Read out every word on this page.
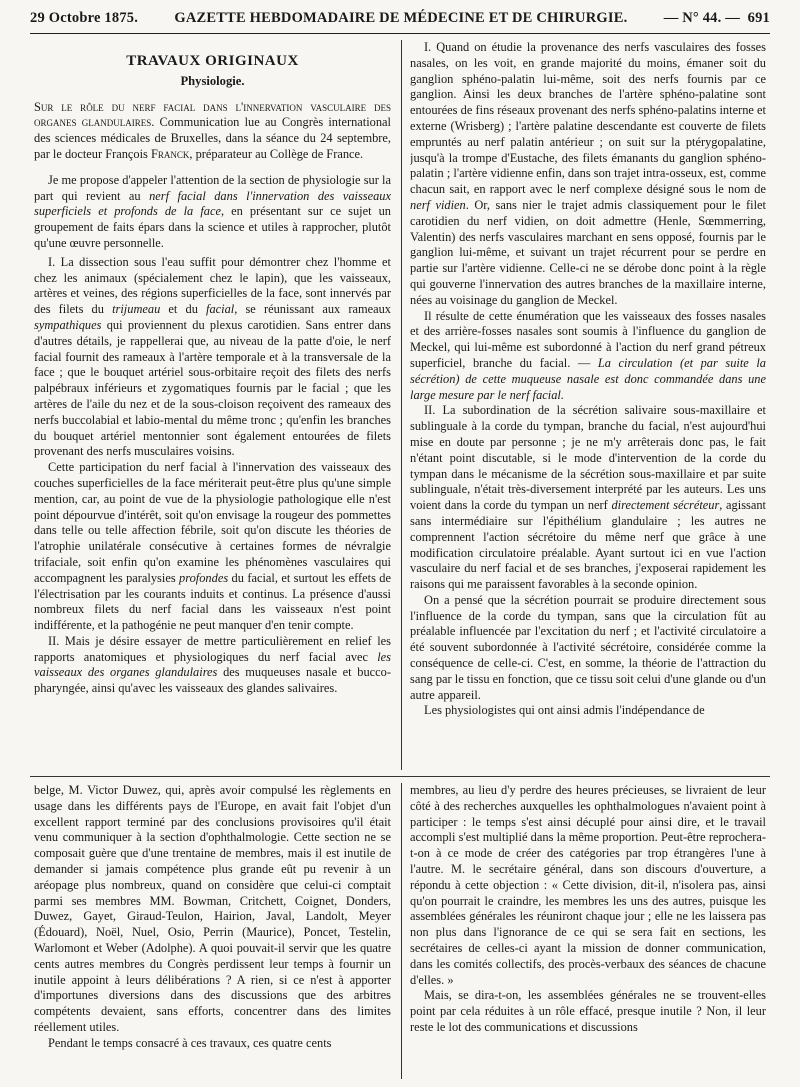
29 Octobre 1875.	GAZETTE HEBDOMADAIRE DE MÉDECINE ET DE CHIRURGIE.	— N° 44. — 691
TRAVAUX ORIGINAUX
Physiologie.

Sur le rôle du nerf facial dans l'innervation vasculaire des organes glandulaires. Communication lue au Congrès international des sciences médicales de Bruxelles, dans la séance du 24 septembre, par le docteur François Franck, préparateur au Collège de France.

Je me propose d'appeler l'attention de la section de physiologie sur la part qui revient au nerf facial dans l'innervation des vaisseaux superficiels et profonds de la face, en présentant sur ce sujet un groupement de faits épars dans la science et utiles à rapprocher, plutôt qu'une œuvre personnelle.

I. La dissection sous l'eau suffit pour démontrer chez l'homme et chez les animaux (spécialement chez le lapin), que les vaisseaux, artères et veines, des régions superficielles de la face, sont innervés par des filets du trijumeau et du facial, se réunissant aux rameaux sympathiques qui proviennent du plexus carotidien. Sans entrer dans d'autres détails, je rappellerai que, au niveau de la patte d'oie, le nerf facial fournit des rameaux à l'artère temporale et à la transversale de la face ; que le bouquet artériel sous-orbitaire reçoit des filets des nerfs palpébraux inférieurs et zygomatiques fournis par le facial ; que les artères de l'aile du nez et de la sous-cloison reçoivent des rameaux des nerfs buccolabial et labio-mental du même tronc ; qu'enfin les branches du bouquet artériel mentonnier sont également entourées de filets provenant des nerfs musculaires voisins.

Cette participation du nerf facial à l'innervation des vaisseaux des couches superficielles de la face mériterait peut-être plus qu'une simple mention, car, au point de vue de la physiologie pathologique elle n'est point dépourvue d'intérêt, soit qu'on envisage la rougeur des pommettes dans telle ou telle affection fébrile, soit qu'on discute les théories de l'atrophie unilatérale consécutive à certaines formes de névralgie trifaciale, soit enfin qu'on examine les phénomènes vasculaires qui accompagnent les paralysies profondes du facial, et surtout les effets de l'électrisation par les courants induits et continus. La présence d'aussi nombreux filets du nerf facial dans les vaisseaux n'est point indifférente, et la pathogénie ne peut manquer d'en tenir compte.

II. Mais je désire essayer de mettre particulièrement en relief les rapports anatomiques et physiologiques du nerf facial avec les vaisseaux des organes glandulaires des muqueuses nasale et bucco-pharyngée, ainsi qu'avec les vaisseaux des glandes salivaires.

I. Quand on étudie la provenance des nerfs vasculaires des fosses nasales, on les voit, en grande majorité du moins, émaner soit du ganglion sphéno-palatin lui-même, soit des nerfs fournis par ce ganglion. Ainsi les deux branches de l'artère sphéno-palatine sont entourées de fins réseaux provenant des nerfs sphéno-palatins interne et externe (Wrisberg) ; l'artère palatine descendante est couverte de filets empruntés au nerf palatin antérieur ; on suit sur la ptérygopalatine, jusqu'à la trompe d'Eustache, des filets émanants du ganglion sphéno-palatin ; l'artère vidienne enfin, dans son trajet intra-osseux, est, comme chacun sait, en rapport avec le nerf complexe désigné sous le nom de nerf vidien. Or, sans nier le trajet admis classiquement pour le filet carotidien du nerf vidien, on doit admettre (Henle, Sœmmerring, Valentin) des nerfs vasculaires marchant en sens opposé, fournis par le ganglion lui-même, et suivant un trajet récurrent pour se perdre en partie sur l'artère vidienne. Celle-ci ne se dérobe donc point à la règle qui gouverne l'innervation des autres branches de la maxillaire interne, nées au voisinage du ganglion de Meckel.

Il résulte de cette énumération que les vaisseaux des fosses nasales et des arrière-fosses nasales sont soumis à l'influence du ganglion de Meckel, qui lui-même est subordonné à l'action du nerf grand pétreux superficiel, branche du facial. — La circulation (et par suite la sécrétion) de cette muqueuse nasale est donc commandée dans une large mesure par le nerf facial.

II. La subordination de la sécrétion salivaire sous-maxillaire et sublinguale à la corde du tympan, branche du facial, n'est aujourd'hui mise en doute par personne ; je ne m'y arrêterais donc pas, le fait n'étant point discutable, si le mode d'intervention de la corde du tympan dans le mécanisme de la sécrétion sous-maxillaire et par suite sublinguale, n'était très-diversement interprété par les auteurs. Les uns voient dans la corde du tympan un nerf directement sécréteur, agissant sans intermédiaire sur l'épithélium glandulaire ; les autres ne comprennent l'action sécrétoire du même nerf que grâce à une modification circulatoire préalable. Ayant surtout ici en vue l'action vasculaire du nerf facial et de ses branches, j'exposerai rapidement les raisons qui me paraissent favorables à la seconde opinion.

On a pensé que la sécrétion pourrait se produire directement sous l'influence de la corde du tympan, sans que la circulation fût au préalable influencée par l'excitation du nerf ; et l'activité circulatoire a été souvent subordonnée à l'activité sécrétoire, considérée comme la conséquence de celle-ci. C'est, en somme, la théorie de l'attraction du sang par le tissu en fonction, que ce tissu soit celui d'une glande ou d'un autre appareil.

Les physiologistes qui ont ainsi admis l'indépendance de

belge, M. Victor Duwez, qui, après avoir compulsé les règlements en usage dans les différents pays de l'Europe, en avait fait l'objet d'un excellent rapport terminé par des conclusions provisoires qu'il était venu communiquer à la section d'ophthalmologie. Cette section ne se composait guère que d'une trentaine de membres, mais il est inutile de demander si jamais compétence plus grande eût pu revenir à un aréopage plus nombreux, quand on considère que celui-ci comptait parmi ses membres MM. Bowman, Critchett, Coignet, Donders, Duwez, Gayet, Giraud-Teulon, Hairion, Javal, Landolt, Meyer (Édouard), Noël, Nuel, Osio, Perrin (Maurice), Poncet, Testelin, Warlomont et Weber (Adolphe). A quoi pouvait-il servir que les quatre cents autres membres du Congrès perdissent leur temps à fournir un inutile appoint à leurs délibérations ? A rien, si ce n'est à apporter d'importunes diversions dans des discussions que des arbitres compétents devaient, sans efforts, concentrer dans des limites réellement utiles.

Pendant le temps consacré à ces travaux, ces quatre cents

membres, au lieu d'y perdre des heures précieuses, se livraient de leur côté à des recherches auxquelles les ophthalmologues n'avaient point à participer : le temps s'est ainsi décuplé pour ainsi dire, et le travail accompli s'est multiplié dans la même proportion. Peut-être reprochera-t-on à ce mode de créer des catégories par trop étrangères l'une à l'autre. M. le secrétaire général, dans son discours d'ouverture, a répondu à cette objection : « Cette division, dit-il, n'isolera pas, ainsi qu'on pourrait le craindre, les membres les uns des autres, puisque les assemblées générales les réuniront chaque jour ; elle ne les laissera pas non plus dans l'ignorance de ce qui se sera fait en sections, les secrétaires de celles-ci ayant la mission de donner communication, dans les comités collectifs, des procès-verbaux des séances de chacune d'elles. »

Mais, se dira-t-on, les assemblées générales ne se trouvent-elles point par cela réduites à un rôle effacé, presque inutile ? Non, il leur reste le lot des communications et discussions
